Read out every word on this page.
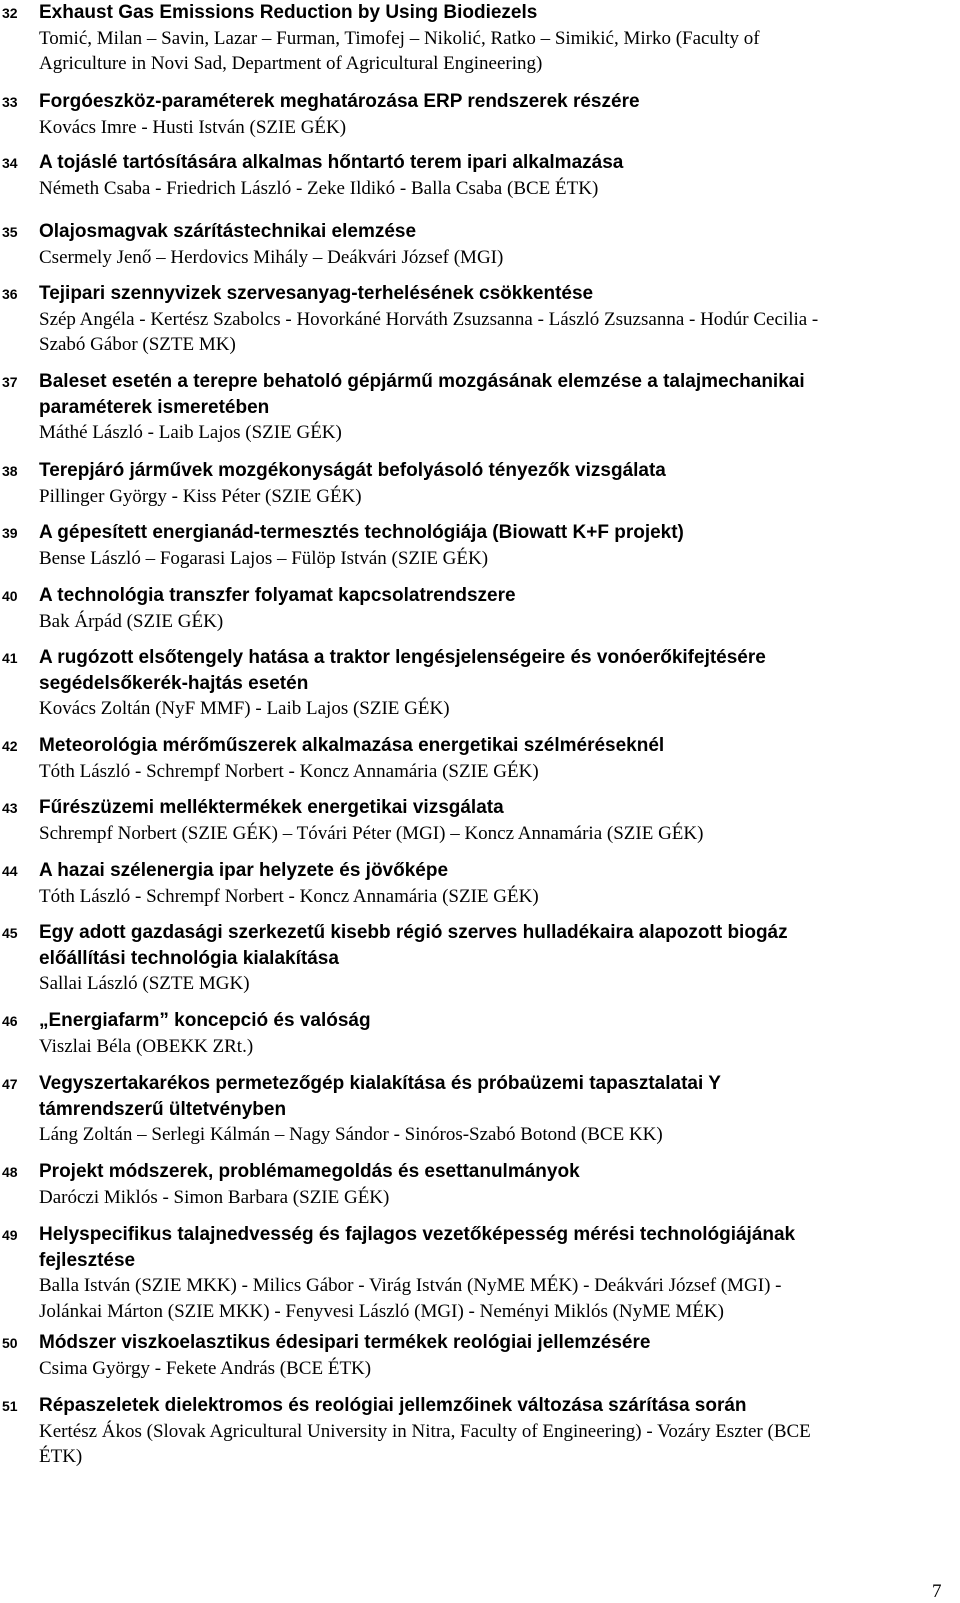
32	Exhaust Gas Emissions Reduction by Using Biodiezels
Tomić, Milan – Savin, Lazar – Furman, Timofej – Nikolić, Ratko – Simikić, Mirko (Faculty of
Agriculture in Novi Sad, Department of Agricultural Engineering)
33	Forgóeszköz-paraméterek meghatározása ERP rendszerek részére
Kovács Imre - Husti István (SZIE GÉK)
34	A tojáslé tartósítására alkalmas hőntartó terem ipari alkalmazása
Németh Csaba - Friedrich László - Zeke Ildikó - Balla Csaba (BCE ÉTK)
35	Olajosmagvak szárítástechnikai elemzése
Csermely Jenő – Herdovics Mihály – Deákvári József (MGI)
36	Tejipari szennyvizek szervesanyag-terhelésének csökkentése
Szép Angéla - Kertész Szabolcs - Hovorkáné Horváth Zsuzsanna - László Zsuzsanna - Hodúr Cecilia -
Szabó Gábor (SZTE MK)
37	Baleset esetén a terepre behatoló gépjármű mozgásának elemzése a talajmechanikai
paraméterek ismeretében
Máthé László - Laib Lajos (SZIE GÉK)
38	Terepjáró járművek mozgékonyságát befolyásoló tényezők vizsgálata
Pillinger György - Kiss Péter (SZIE GÉK)
39	A gépesített energianád-termesztés technológiája (Biowatt K+F projekt)
Bense László – Fogarasi Lajos – Fülöp István (SZIE GÉK)
40	A technológia transzfer folyamat kapcsolatrendszere
Bak Árpád (SZIE GÉK)
41	A rugózott elsőtengely hatása a traktor lengésjelenségeire és vonóerőkifejtésére
segédelsőkerék-hajtás esetén
Kovács Zoltán (NyF MMF) - Laib Lajos (SZIE GÉK)
42	Meteorológia mérőműszerek alkalmazása energetikai szélméréseknél
Tóth László - Schrempf Norbert - Koncz Annamária (SZIE GÉK)
43	Fűrészüzemi melléktermékek energetikai vizsgálata
Schrempf Norbert (SZIE GÉK) – Tóvári Péter (MGI) – Koncz Annamária (SZIE GÉK)
44	A hazai szélenergia ipar helyzete és jövőképe
Tóth László - Schrempf Norbert - Koncz Annamária (SZIE GÉK)
45	Egy adott gazdasági szerkezetű kisebb régió szerves hulladékaira alapozott biogáz
előállítási technológia kialakítása
Sallai László (SZTE MGK)
46	„Energiafarm” koncepció és valóság
Viszlai Béla (OBEKK ZRt.)
47	Vegyszertakarékos permetezőgép kialakítása és próbaüzemi tapasztalatai Y
támrendszerű ültetvényben
Láng Zoltán – Serlegi Kálmán – Nagy Sándor - Sinóros-Szabó Botond (BCE KK)
48	Projekt módszerek, problémamegoldás és esettanulmányok
Daróczi Miklós - Simon Barbara (SZIE GÉK)
49	Helyspecifikus talajnedvesség és fajlagos vezetőképesség mérési technológiájának
fejlesztése
Balla István (SZIE MKK) - Milics Gábor - Virág István (NyME MÉK) - Deákvári József (MGI) -
Jolánkai Márton (SZIE MKK) - Fenyvesi László (MGI) - Neményi Miklós (NyME MÉK)
50	Módszer viszkoelasztikus édesipari termékek reológiai jellemzésére
Csima György - Fekete András (BCE ÉTK)
51	Répaszeletek dielektromos és reológiai jellemzőinek változása szárítása során
Kertész Ákos (Slovak Agricultural University in Nitra, Faculty of Engineering) - Vozáry Eszter (BCE
ÉTK)
7
